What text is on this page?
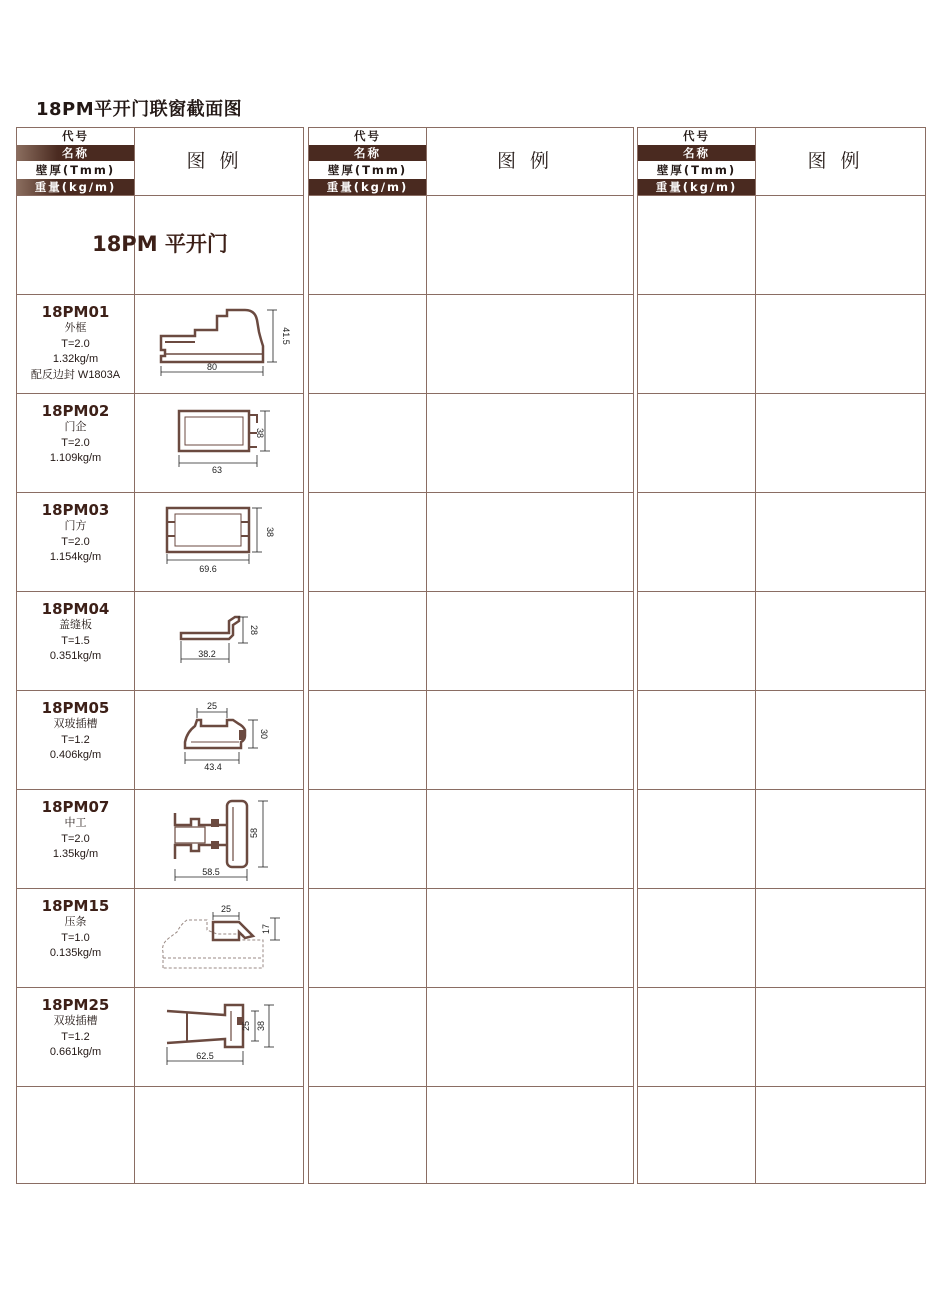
18PM平开门联窗截面图
代号
名称
壁厚(Tmm)
重量(kg/m)
图例
18PM 平开门
18PM01
外框
T=2.0
1.32kg/m
配反边封 W1803A
80
41.5
18PM02
门企
T=2.0
1.109kg/m
63
38
18PM03
门方
T=2.0
1.154kg/m
69.6
38
18PM04
盖缝板
T=1.5
0.351kg/m	38.2
28
18PM05
双玻插槽
T=1.2
0.406kg/m
25
43.4
30
18PM07
中工
T=2.0
1.35kg/m
58.5
58
18PM15
压条
T=1.0
0.135kg/m
25
17
18PM25
双玻插槽
T=1.2
0.661kg/m	62.5
25 38
代号
名称
壁厚(Tmm)
重量(kg/m)
图例
代号
名称
壁厚(Tmm)
重量(kg/m)
图例
